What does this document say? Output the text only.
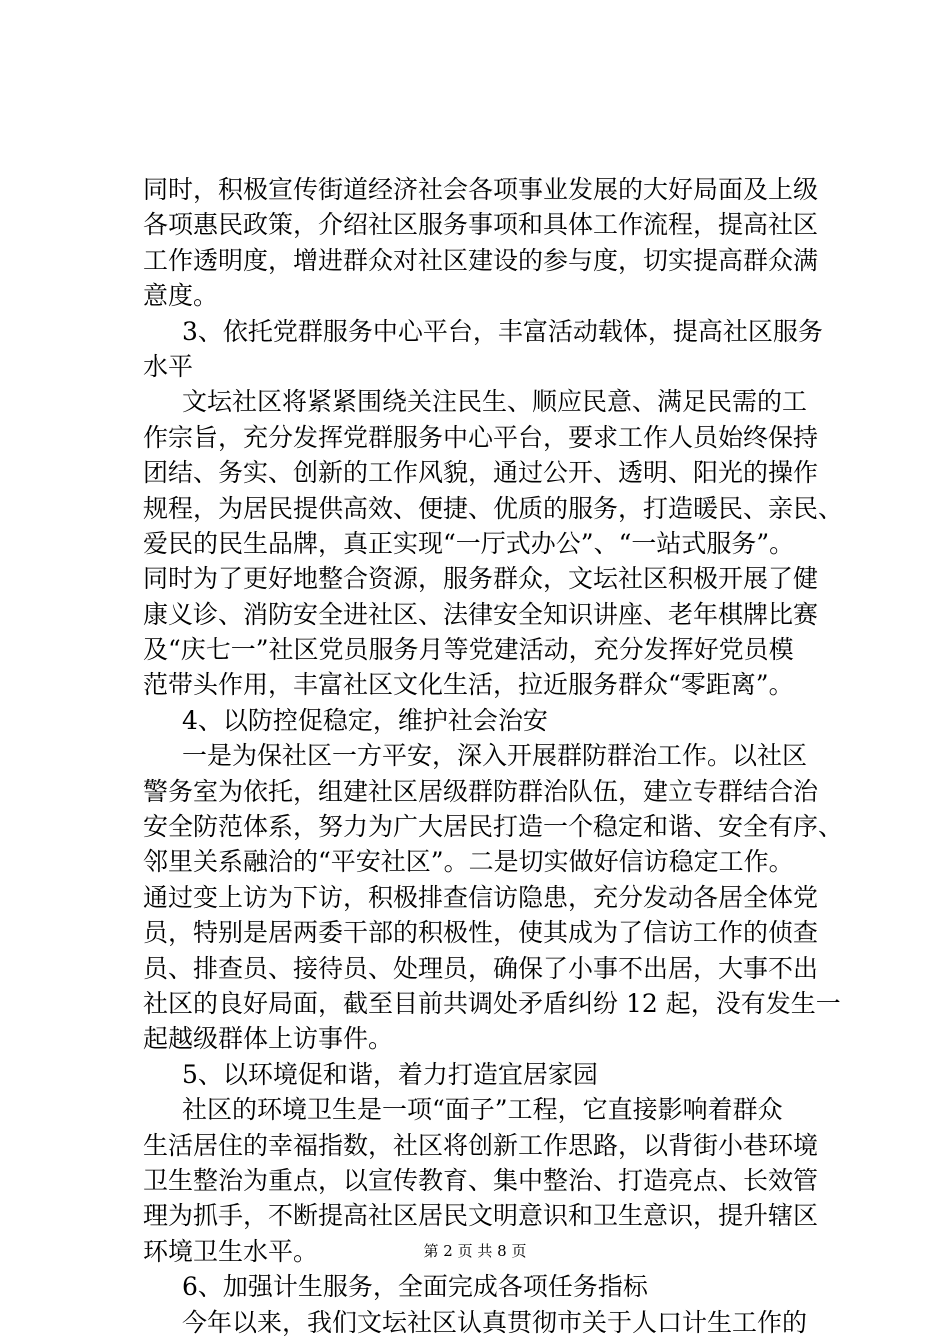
同时，积极宣传街道经济社会各项事业发展的大好局面及上级
各项惠民政策，介绍社区服务事项和具体工作流程，提高社区
工作透明度，增进群众对社区建设的参与度，切实提高群众满
意度。
3、依托党群服务中心平台，丰富活动载体，提高社区服务
水平
文坛社区将紧紧围绕关注民生、顺应民意、满足民需的工
作宗旨，充分发挥党群服务中心平台，要求工作人员始终保持
团结、务实、创新的工作风貌，通过公开、透明、阳光的操作
规程，为居民提供高效、便捷、优质的服务，打造暖民、亲民、
爱民的民生品牌，真正实现“一厅式办公”、“一站式服务”。
同时为了更好地整合资源，服务群众，文坛社区积极开展了健
康义诊、消防安全进社区、法律安全知识讲座、老年棋牌比赛
及“庆七一”社区党员服务月等党建活动，充分发挥好党员模
范带头作用，丰富社区文化生活，拉近服务群众“零距离”。
4、以防控促稳定，维护社会治安
一是为保社区一方平安，深入开展群防群治工作。以社区
警务室为依托，组建社区居级群防群治队伍，建立专群结合治
安全防范体系，努力为广大居民打造一个稳定和谐、安全有序、
邻里关系融洽的“平安社区”。二是切实做好信访稳定工作。
通过变上访为下访，积极排查信访隐患，充分发动各居全体党
员，特别是居两委干部的积极性，使其成为了信访工作的侦查
员、排查员、接待员、处理员，确保了小事不出居，大事不出
社区的良好局面，截至目前共调处矛盾纠纷 12 起，没有发生一
起越级群体上访事件。
5、以环境促和谐，着力打造宜居家园
社区的环境卫生是一项“面子”工程，它直接影响着群众
生活居住的幸福指数，社区将创新工作思路，以背街小巷环境
卫生整治为重点，以宣传教育、集中整治、打造亮点、长效管
理为抓手，不断提高社区居民文明意识和卫生意识，提升辖区
环境卫生水平。
6、加强计生服务，全面完成各项任务指标
今年以来，我们文坛社区认真贯彻市关于人口计生工作的
第 2 页 共 8 页
